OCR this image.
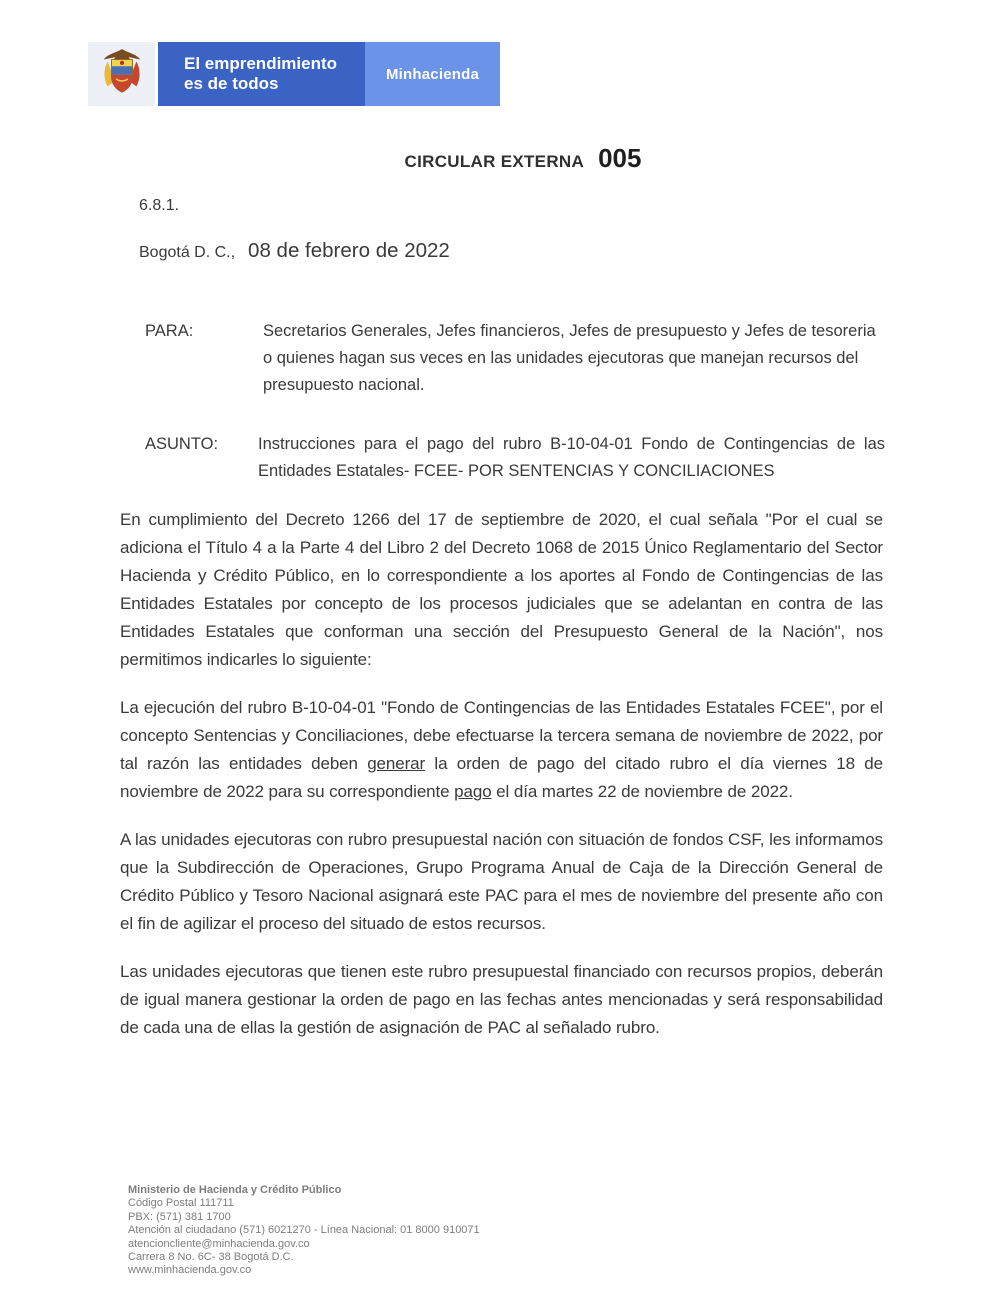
El emprendimiento
es de todos	Minhacienda
CIRCULAR EXTERNA 005
6.8.1.
Bogotá D. C., 08 de febrero de 2022
PARA:	Secretarios Generales, Jefes financieros, Jefes de presupuesto y Jefes de tesoreria o quienes hagan sus veces en las unidades ejecutoras que manejan recursos del presupuesto nacional.
ASUNTO:	Instrucciones para el pago del rubro B-10-04-01 Fondo de Contingencias de las Entidades Estatales- FCEE- POR SENTENCIAS Y CONCILIACIONES

En cumplimiento del Decreto 1266 del 17 de septiembre de 2020, el cual señala "Por el cual se adiciona el Título 4 a la Parte 4 del Libro 2 del Decreto 1068 de 2015 Único Reglamentario del Sector Hacienda y Crédito Público, en lo correspondiente a los aportes al Fondo de Contingencias de las Entidades Estatales por concepto de los procesos judiciales que se adelantan en contra de las Entidades Estatales que conforman una sección del Presupuesto General de la Nación", nos permitimos indicarles lo siguiente:

La ejecución del rubro B-10-04-01 "Fondo de Contingencias de las Entidades Estatales FCEE", por el concepto Sentencias y Conciliaciones, debe efectuarse la tercera semana de noviembre de 2022, por tal razón las entidades deben generar la orden de pago del citado rubro el día viernes 18 de noviembre de 2022 para su correspondiente pago el día martes 22 de noviembre de 2022.

A las unidades ejecutoras con rubro presupuestal nación con situación de fondos CSF, les informamos que la Subdirección de Operaciones, Grupo Programa Anual de Caja de la Dirección General de Crédito Público y Tesoro Nacional asignará este PAC para el mes de noviembre del presente año con el fin de agilizar el proceso del situado de estos recursos.

Las unidades ejecutoras que tienen este rubro presupuestal financiado con recursos propios, deberán de igual manera gestionar la orden de pago en las fechas antes mencionadas y será responsabilidad de cada una de ellas la gestión de asignación de PAC al señalado rubro.

Ministerio de Hacienda y Crédito Público
Código Postal 111711
PBX: (571) 381 1700
Atención al ciudadano (571) 6021270 - Línea Nacional: 01 8000 910071
atencioncliente@minhacienda.gov.co
Carrera 8 No. 6C- 38 Bogotá D.C.
www.minhacienda.gov.co
